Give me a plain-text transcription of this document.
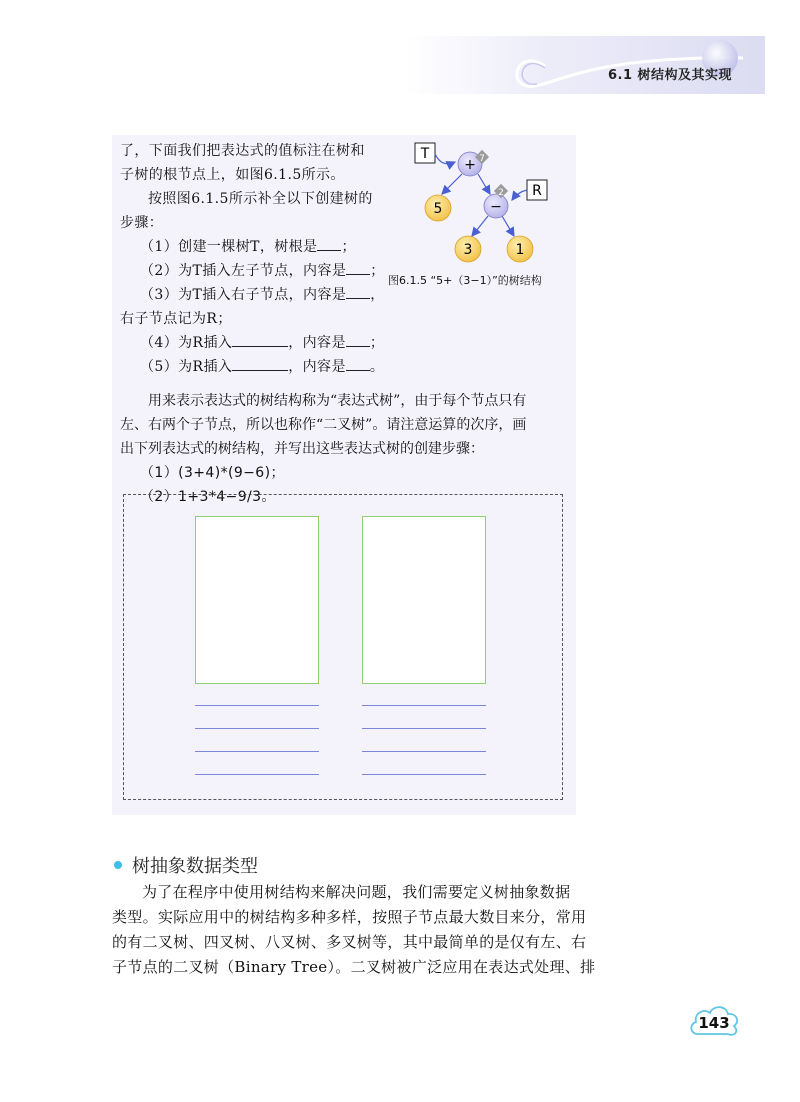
6.1 树结构及其实现
了，下面我们把表达式的值标注在树和
子树的根节点上，如图6.1.5所示。
按照图6.1.5所示补全以下创建树的
步骤：
（1）创建一棵树T，树根是 ；
（2）为T插入左子节点，内容是 ；
（3）为T插入右子节点，内容是 ，
右子节点记为R；
（4）为R插入	，内容是 ；
（5）为R插入	，内容是 。
用来表示表达式的树结构称为“表达式树”，由于每个节点只有
左、右两个子节点，所以也称作“二叉树”。请注意运算的次序，画
出下列表达式的树结构，并写出这些表达式树的创建步骤：
（1）(3+4)*(9−6)；
（2）1+3*4−9/3。
T
R
+ 7
5	−
2
3	1
图6.1.5 “5+（3−1）”的树结构
树抽象数据类型
为了在程序中使用树结构来解决问题，我们需要定义树抽象数据
类型。实际应用中的树结构多种多样，按照子节点最大数目来分，常用
的有二叉树、四叉树、八叉树、多叉树等，其中最简单的是仅有左、右
子节点的二叉树（Binary Tree）。二叉树被广泛应用在表达式处理、排
143
